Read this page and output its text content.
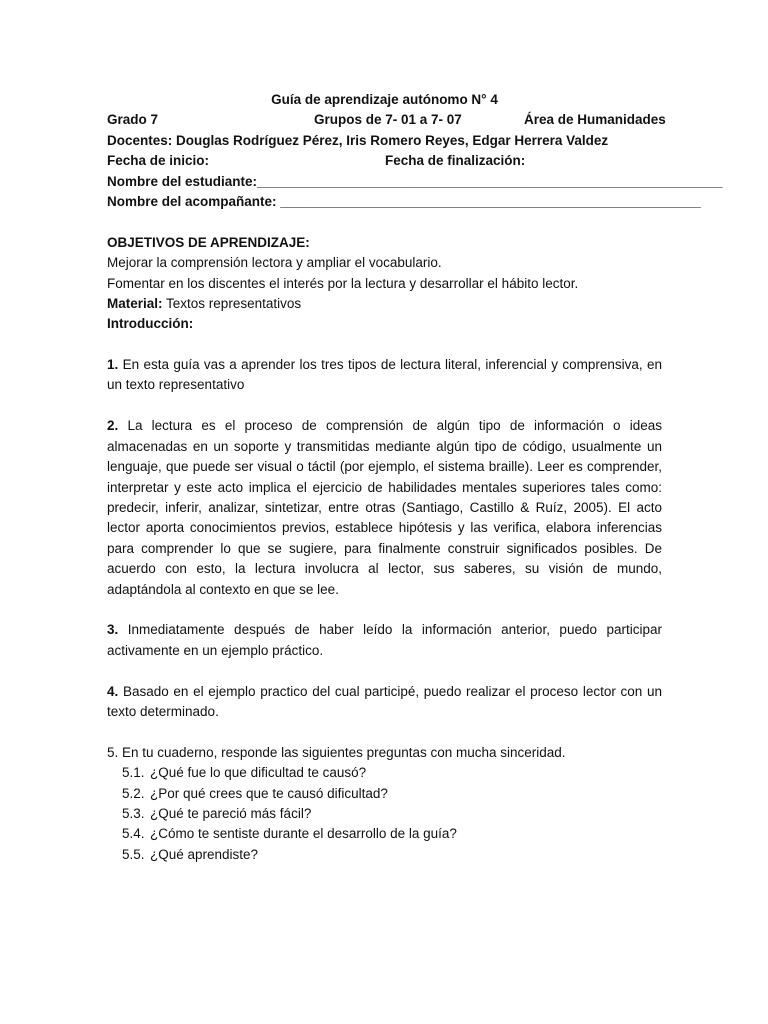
Guía de aprendizaje autónomo N° 4
Grado 7	Grupos de 7- 01 a 7- 07	Área de Humanidades
Docentes: Douglas Rodríguez Pérez, Iris Romero Reyes, Edgar Herrera Valdez
Fecha de inicio:	Fecha de finalización:
Nombre del estudiante:______________________________________________________________
Nombre del acompañante: ________________________________________________________
OBJETIVOS DE APRENDIZAJE:
Mejorar la comprensión lectora y ampliar el vocabulario.
Fomentar en los discentes el interés por la lectura y desarrollar el hábito lector.
Material: Textos representativos
Introducción:
1. En esta guía vas a aprender los tres tipos de lectura literal, inferencial y comprensiva, en un texto representativo
2. La lectura es el proceso de comprensión de algún tipo de información o ideas almacenadas en un soporte y transmitidas mediante algún tipo de código, usualmente un lenguaje, que puede ser visual o táctil (por ejemplo, el sistema braille). Leer es comprender, interpretar y este acto implica el ejercicio de habilidades mentales superiores tales como: predecir, inferir, analizar, sintetizar, entre otras (Santiago, Castillo & Ruíz, 2005). El acto lector aporta conocimientos previos, establece hipótesis y las verifica, elabora inferencias para comprender lo que se sugiere, para finalmente construir significados posibles. De acuerdo con esto, la lectura involucra al lector, sus saberes, su visión de mundo, adaptándola al contexto en que se lee.
3. Inmediatamente después de haber leído la información anterior, puedo participar activamente en un ejemplo práctico.
4. Basado en el ejemplo practico del cual participé, puedo realizar el proceso lector con un texto determinado.
5. En tu cuaderno, responde las siguientes preguntas con mucha sinceridad.
5.1. ¿Qué fue lo que dificultad te causó?
5.2. ¿Por qué crees que te causó dificultad?
5.3. ¿Qué te pareció más fácil?
5.4. ¿Cómo te sentiste durante el desarrollo de la guía?
5.5. ¿Qué aprendiste?
